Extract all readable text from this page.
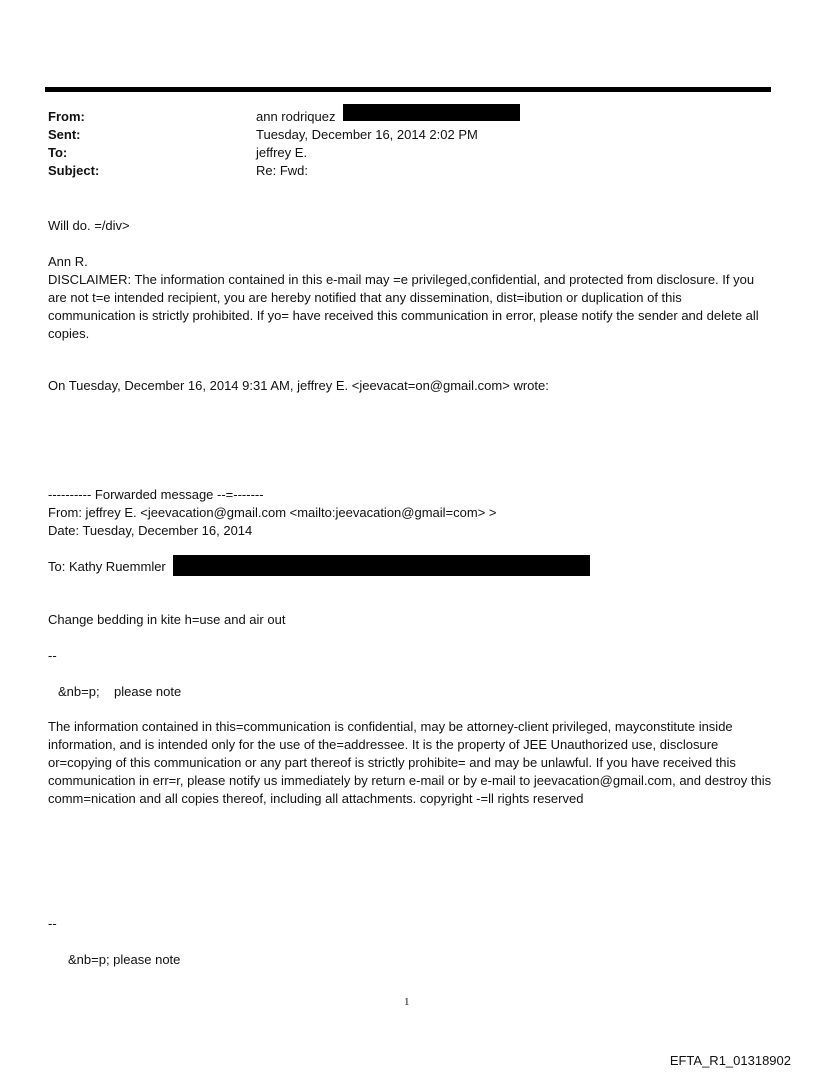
From:	ann rodriquez
Sent:	Tuesday, December 16, 2014 2:02 PM
To:	jeffrey E.
Subject:	Re: Fwd:
Will do. =/div>
Ann R.
DISCLAIMER: The information contained in this e-mail may =e privileged,confidential, and protected from disclosure. If you are not t=e intended recipient, you are hereby notified that any dissemination, dist=ibution or duplication of this communication is strictly prohibited. If yo= have received this communication in error, please notify the sender and delete all copies.
On Tuesday, December 16, 2014 9:31 AM, jeffrey E. <jeevacat=on@gmail.com> wrote:
---------- Forwarded message --=-------
From: jeffrey E. <jeevacation@gmail.com <mailto:jeevacation@gmail=com> >
Date: Tuesday, December 16, 2014
To: Kathy Ruemmler
Change bedding in kite h=use and air out
--
&nb=p;    please note
The information contained in this=communication is confidential, may be attorney-client privileged, mayconstitute inside information, and is intended only for the use of the=addressee. It is the property of JEE Unauthorized use, disclosure or=copying of this communication or any part thereof is strictly prohibite= and may be unlawful. If you have received this communication in err=r, please notify us immediately by return e-mail or by e-mail to jeevacation@gmail.com, and destroy this comm=nication and all copies thereof, including all attachments. copyright -=ll rights reserved
--
&nb=p; please note
1
EFTA_R1_01318902
